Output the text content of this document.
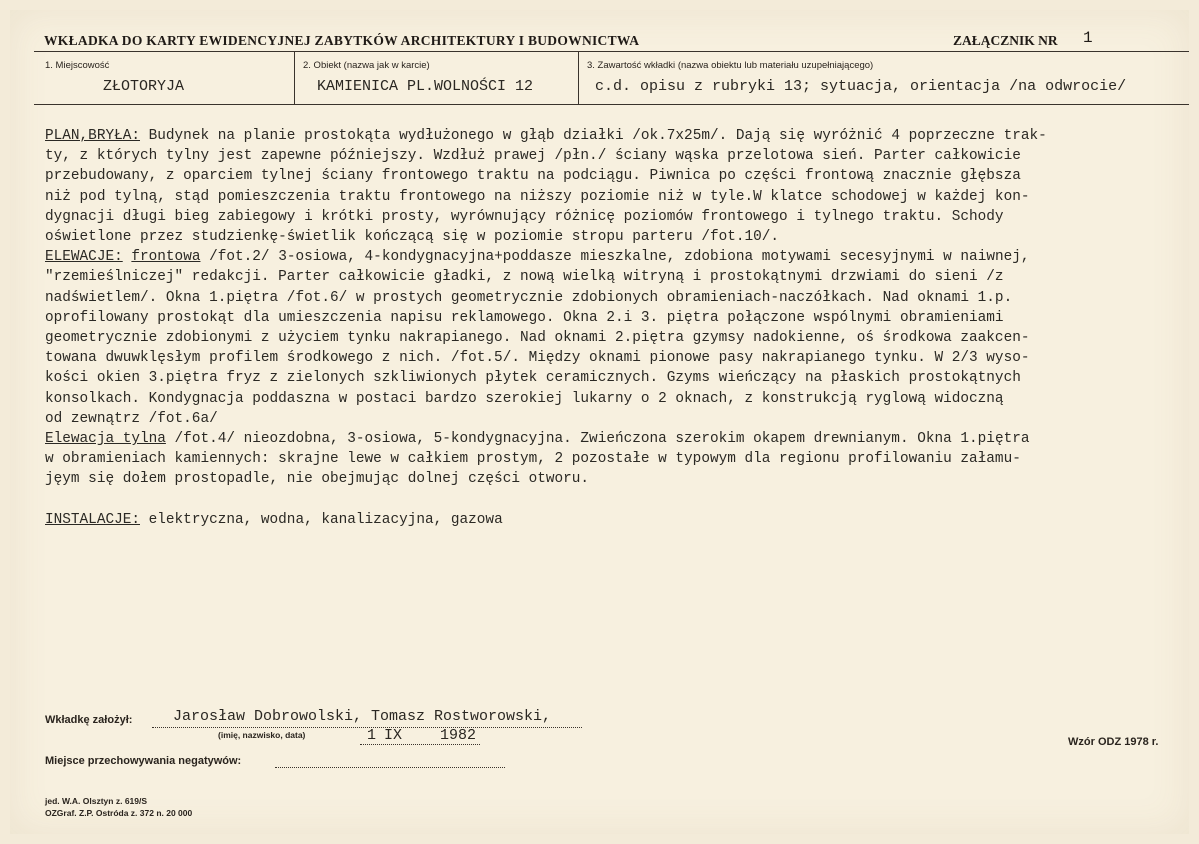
WKŁADKA DO KARTY EWIDENCYJNEJ ZABYTKÓW ARCHITEKTURY I BUDOWNICTWA	ZAŁĄCZNIK NR 1
1. Miejscowość	2. Obiekt (nazwa jak w karcie)	3. Zawartość wkładki (nazwa obiektu lub materiału uzupełniającego)
ZŁOTORYJA	KAMIENICA PL.WOLNOŚCI 12	c.d. opisu z rubryki 13; sytuacja, orientacja /na odwrocie/
PLAN,BRYŁA: Budynek na planie prostokąta wydłużonego w głąb działki /ok.7x25m/. Dają się wyróżnić 4 poprzeczne trak-
ty, z których tylny jest zapewne późniejszy. Wzdłuż prawej /płn./ ściany wąska przelotowa sień. Parter całkowicie
przebudowany, z oparciem tylnej ściany frontowego traktu na podciągu. Piwnica po części frontową znacznie głębsza
niż pod tylną, stąd pomieszczenia traktu frontowego na niższy poziomie niż w tyle.W klatce schodowej w każdej kon-
dygnacji długi bieg zabiegowy i krótki prosty, wyrównujący różnicę poziomów frontowego i tylnego traktu. Schody
oświetlone przez studzienkę-świetlik kończącą się w poziomie stropu parteru /fot.10/.
ELEWACJE: frontowa /fot.2/ 3-osiowa, 4-kondygnacyjna+poddasze mieszkalne, zdobiona motywami secesyjnymi w naiwnej,
"rzemieślniczej" redakcji. Parter całkowicie gładki, z nową wielką witryną i prostokątnymi drzwiami do sieni /z
nadświetlem/. Okna 1.piętra /fot.6/ w prostych geometrycznie zdobionych obramieniach-naczółkach. Nad oknami 1.p.
oprofilowany prostokąt dla umieszczenia napisu reklamowego. Okna 2.i 3. piętra połączone wspólnymi obramieniami
geometrycznie zdobionymi z użyciem tynku nakrapianego. Nad oknami 2.piętra gzymsy nadokienne, oś środkowa zaakcen-
towana dwuwklęsłym profilem środkowego z nich. /fot.5/. Między oknami pionowe pasy nakrapianego tynku. W 2/3 wyso-
kości okien 3.piętra fryz z zielonych szkliwionych płytek ceramicznych. Gzyms wieńczący na płaskich prostokątnych
konsolkach. Kondygnacja poddaszna w postaci bardzo szerokiej lukarny o 2 oknach, z konstrukcją ryglową widoczną
od zewnątrz /fot.6a/
Elewacja tylna /fot.4/ nieozdobna, 3-osiowa, 5-kondygnacyjna. Zwieńczona szerokim okapem drewnianym. Okna 1.piętra
w obramieniach kamiennych: skrajne lewe w całkiem prostym, 2 pozostałe w typowym dla regionu profilowaniu załamu-
jęym się dołem prostopadle, nie obejmując dolnej części otworu.

INSTALACJE: elektryczna, wodna, kanalizacyjna, gazowa
Wkładkę założył:	Jarosław Dobrowolski, Tomasz Rostworowski,
(imię, nazwisko, data)	1 IX	1982	Wzór ODZ 1978 r.
Miejsce przechowywania negatywów:
jed. W.A. Olsztyn z. 619/S
OZGraf. Z.P. Ostróda z. 372 n. 20 000
